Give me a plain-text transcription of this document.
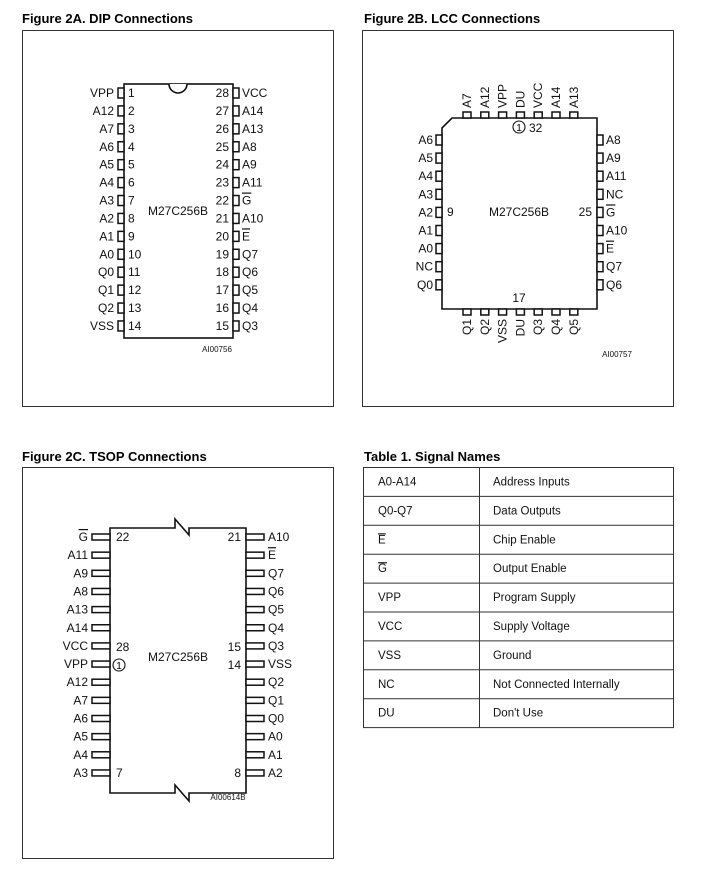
Figure 2A. DIP Connections	Figure 2B. LCC Connections
Figure 2C. TSOP Connections	Table 1. Signal Names
M27C256B
AI00756
VPP 1
A12 2
A7 3
A6 4
A5 5
A4 6
A3 7
A2 8
A1 9
A0 10
Q0 11
Q1 12
Q2 13
VSS 14
VCC
28
A14
27
A13
26
A8
25
A9
24
A11
23
G
22
A10
21
E
20
Q7
19
Q6
18
Q5
17
Q4
16
Q3
15
1 32
9	25
17
M27C256B
AI00757
A7 A12 VPP DU VCC A14 A13
Q1 Q2 VSS DU Q3 Q4 Q5
A6
A5
A4
A3
A2
A1
A0
NC
Q0
A8
A9
A11
NC
G
A10
E
Q7
Q6
M27C256B
22	21
28
1
15
14
7	8
AI00614B
G
A11
A9
A8
A13
A14
VCC
VPP
A12
A7
A6
A5
A4
A3
A10
E
Q7
Q6
Q5
Q4
Q3
VSS
Q2
Q1
Q0
A0
A1
A2
A0-A14	Address Inputs
Q0-Q7	Data Outputs
E	Chip Enable
G	Output Enable
VPP	Program Supply
VCC	Supply Voltage
VSS	Ground
NC	Not Connected Internally
DU	Don't Use
